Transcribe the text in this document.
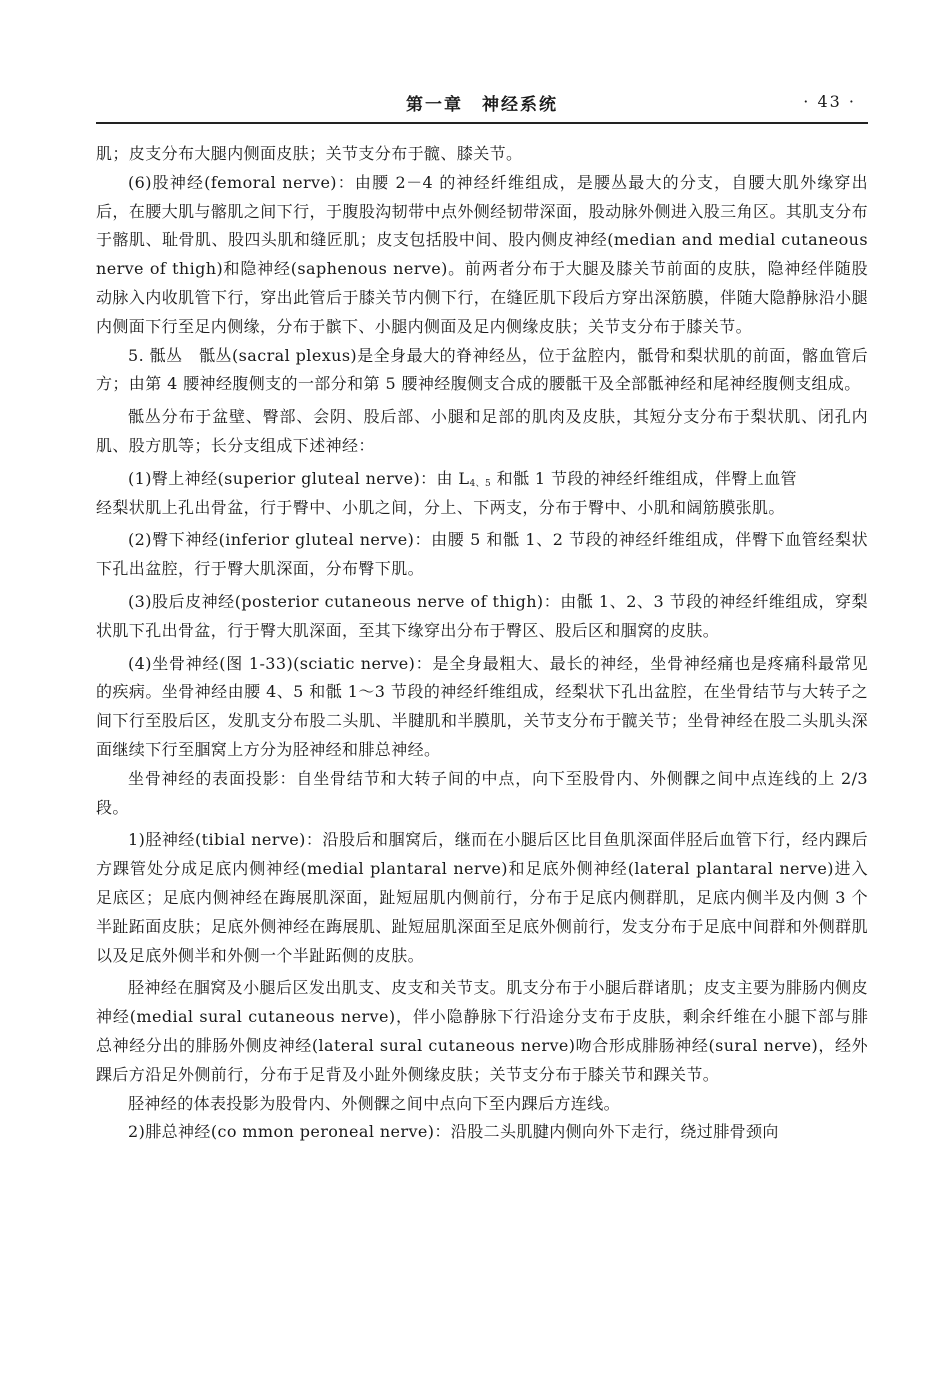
第一章　神经系统	· 43 ·

肌；皮支分布大腿内侧面皮肤；关节支分布于髋、膝关节。

(6)股神经(femoral nerve)：由腰 2－4 的神经纤维组成，是腰丛最大的分支，自腰大肌外缘穿出后，在腰大肌与髂肌之间下行，于腹股沟韧带中点外侧经韧带深面，股动脉外侧进入股三角区。其肌支分布于髂肌、耻骨肌、股四头肌和缝匠肌；皮支包括股中间、股内侧皮神经(median and medial cutaneous nerve of thigh)和隐神经(saphenous nerve)。前两者分布于大腿及膝关节前面的皮肤，隐神经伴随股动脉入内收肌管下行，穿出此管后于膝关节内侧下行，在缝匠肌下段后方穿出深筋膜，伴随大隐静脉沿小腿内侧面下行至足内侧缘，分布于髌下、小腿内侧面及足内侧缘皮肤；关节支分布于膝关节。

5. 骶丛　骶丛(sacral plexus)是全身最大的脊神经丛，位于盆腔内，骶骨和梨状肌的前面，髂血管后方；由第 4 腰神经腹侧支的一部分和第 5 腰神经腹侧支合成的腰骶干及全部骶神经和尾神经腹侧支组成。

骶丛分布于盆壁、臀部、会阴、股后部、小腿和足部的肌肉及皮肤，其短分支分布于梨状肌、闭孔内肌、股方肌等；长分支组成下述神经：

(1)臀上神经(superior gluteal nerve)：由 $L_{4、5}$ 和骶 1 节段的神经纤维组成，伴臀上血管

经梨状肌上孔出骨盆，行于臀中、小肌之间，分上、下两支，分布于臀中、小肌和阔筋膜张肌。

(2)臀下神经(inferior gluteal nerve)：由腰 5 和骶 1、2 节段的神经纤维组成，伴臀下血管经梨状下孔出盆腔，行于臀大肌深面，分布臀下肌。

(3)股后皮神经(posterior cutaneous nerve of thigh)：由骶 1、2、3 节段的神经纤维组成，穿梨状肌下孔出骨盆，行于臀大肌深面，至其下缘穿出分布于臀区、股后区和腘窝的皮肤。

(4)坐骨神经(图 1-33)(sciatic nerve)：是全身最粗大、最长的神经，坐骨神经痛也是疼痛科最常见的疾病。坐骨神经由腰 4、5 和骶 1～3 节段的神经纤维组成，经梨状下孔出盆腔，在坐骨结节与大转子之间下行至股后区，发肌支分布股二头肌、半腱肌和半膜肌，关节支分布于髋关节；坐骨神经在股二头肌头深面继续下行至腘窝上方分为胫神经和腓总神经。

坐骨神经的表面投影：自坐骨结节和大转子间的中点，向下至股骨内、外侧髁之间中点连线的上 2/3 段。

1)胫神经(tibial nerve)：沿股后和腘窝后，继而在小腿后区比目鱼肌深面伴胫后血管下行，经内踝后方踝管处分成足底内侧神经(medial plantaral nerve)和足底外侧神经(lateral plantaral nerve)进入足底区；足底内侧神经在踇展肌深面，趾短屈肌内侧前行，分布于足底内侧群肌，足底内侧半及内侧 3 个半趾跖面皮肤；足底外侧神经在踇展肌、趾短屈肌深面至足底外侧前行，发支分布于足底中间群和外侧群肌以及足底外侧半和外侧一个半趾跖侧的皮肤。

胫神经在腘窝及小腿后区发出肌支、皮支和关节支。肌支分布于小腿后群诸肌；皮支主要为腓肠内侧皮神经(medial sural cutaneous nerve)，伴小隐静脉下行沿途分支布于皮肤，剩余纤维在小腿下部与腓总神经分出的腓肠外侧皮神经(lateral sural cutaneous nerve)吻合形成腓肠神经(sural nerve)，经外踝后方沿足外侧前行，分布于足背及小趾外侧缘皮肤；关节支分布于膝关节和踝关节。

胫神经的体表投影为股骨内、外侧髁之间中点向下至内踝后方连线。

2)腓总神经(co mmon peroneal nerve)：沿股二头肌腱内侧向外下走行，绕过腓骨颈向
